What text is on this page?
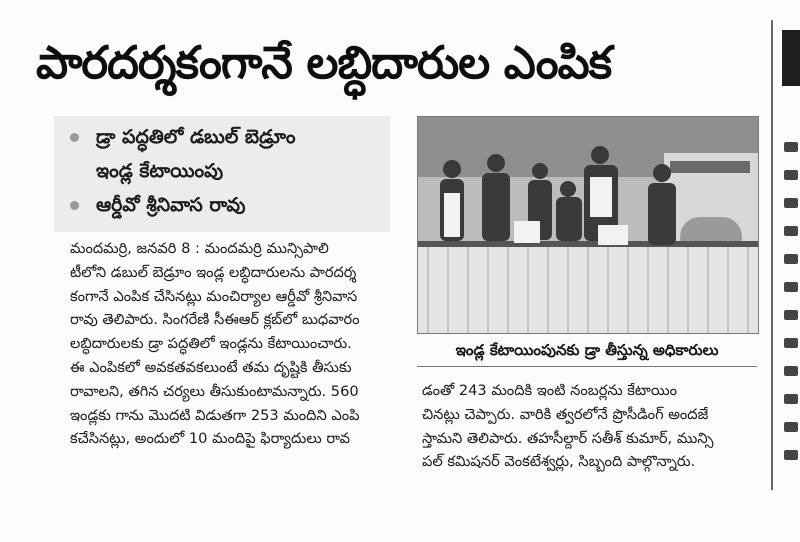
పారదర్శకంగానే లబ్ధిదారుల ఎంపిక
డ్రా పద్ధతిలో డబుల్ బెడ్రూం
ఇండ్ల కేటాయింపు
ఆర్డీవో శ్రీనివాస రావు
మందమర్రి, జనవరి 8 : మందమర్రి మున్సిపాలి
టీలోని డబుల్ బెడ్రూం ఇండ్ల లబ్ధిదారులను పారదర్శ
కంగానే ఎంపిక చేసినట్లు మంచిర్యాల ఆర్డీవో శ్రీనివాస
రావు తెలిపారు. సింగరేణి సీఈఆర్ క్లబ్‌లో బుధవారం
లబ్ధిదారులకు డ్రా పద్ధతిలో ఇండ్లను కేటాయించారు.
ఈ ఎంపికలో అవకతవకలుంటే తమ దృష్టికి తీసుకు
రావాలని, తగిన చర్యలు తీసుకుంటామన్నారు. 560
ఇండ్లకు గాను మొదటి విడుతగా 253 మందిని ఎంపి
కచేసినట్లు, అందులో 10 మందిపై ఫిర్యాదులు రావ
ఇండ్ల కేటాయింపునకు డ్రా తీస్తున్న అధికారులు
డంతో 243 మందికి ఇంటి నంబర్లను కేటాయిం
చినట్లు చెప్పారు. వారికి త్వరలోనే ప్రొసీడింగ్ అందజే
స్తామని తెలిపారు. తహసీల్దార్ సతీశ్ కుమార్, మున్సి
పల్ కమిషనర్ వెంకటేశ్వర్లు, సిబ్బంది పాల్గొన్నారు.
